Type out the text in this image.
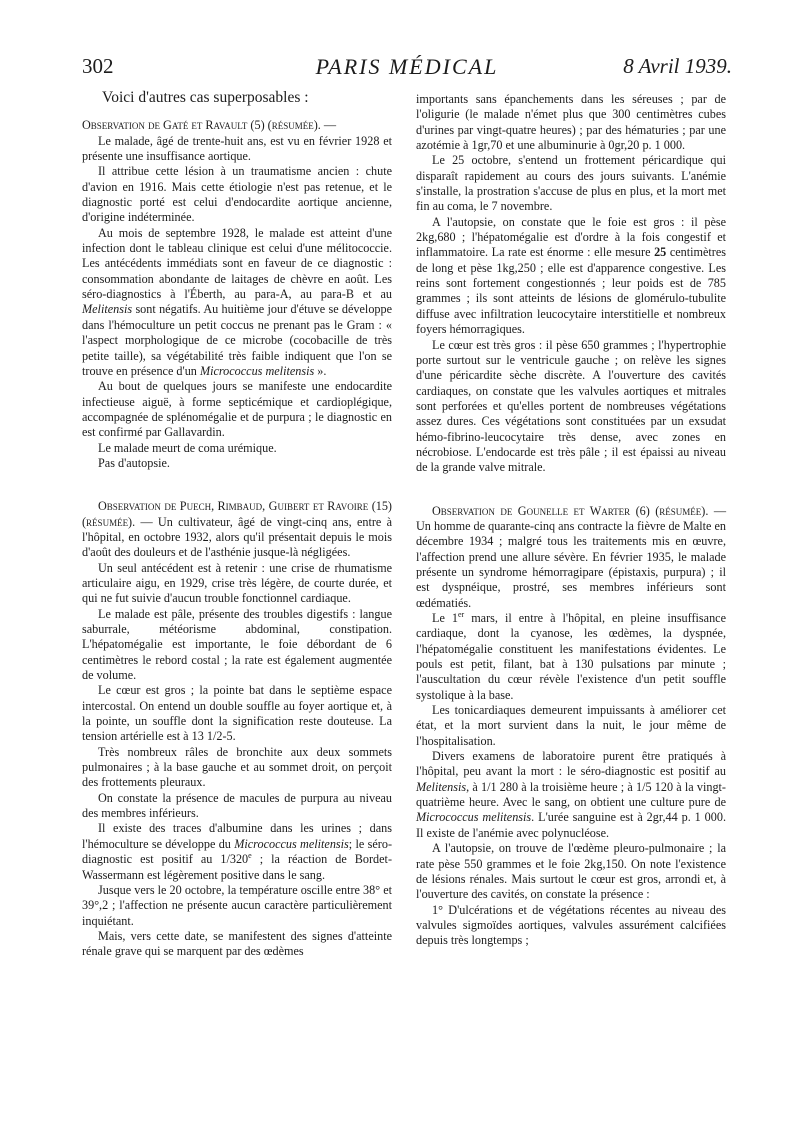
302	PARIS MÉDICAL	8 Avril 1939.

Voici d'autres cas superposables :

Observation de Gaté et Ravault (5) (résumée). —

Le malade, âgé de trente-huit ans, est vu en février 1928 et présente une insuffisance aortique.

Il attribue cette lésion à un traumatisme ancien : chute d'avion en 1916. Mais cette étiologie n'est pas retenue, et le diagnostic porté est celui d'endocardite aortique ancienne, d'origine indéterminée.

Au mois de septembre 1928, le malade est atteint d'une infection dont le tableau clinique est celui d'une mélitococcie. Les antécédents immédiats sont en faveur de ce diagnostic : consommation abondante de laitages de chèvre en août. Les séro-diagnostics à l'Éberth, au para-A, au para-B et au Melitensis sont négatifs. Au huitième jour d'étuve se développe dans l'hémoculture un petit coccus ne prenant pas le Gram : « l'aspect morphologique de ce microbe (cocobacille de très petite taille), sa végétabilité très faible indiquent que l'on se trouve en présence d'un Micrococcus melitensis ».

Au bout de quelques jours se manifeste une endocardite infectieuse aiguë, à forme septicémique et cardioplégique, accompagnée de splénomégalie et de purpura ; le diagnostic en est confirmé par Gallavardin.

Le malade meurt de coma urémique.

Pas d'autopsie.

Observation de Puech, Rimbaud, Guibert et Ravoire (15) (résumée). — Un cultivateur, âgé de vingt-cinq ans, entre à l'hôpital, en octobre 1932, alors qu'il présentait depuis le mois d'août des douleurs et de l'asthénie jusque-là négligées.

Un seul antécédent est à retenir : une crise de rhumatisme articulaire aigu, en 1929, crise très légère, de courte durée, et qui ne fut suivie d'aucun trouble fonctionnel cardiaque.

Le malade est pâle, présente des troubles digestifs : langue saburrale, météorisme abdominal, constipation. L'hépatomégalie est importante, le foie débordant de 6 centimètres le rebord costal ; la rate est également augmentée de volume.

Le cœur est gros ; la pointe bat dans le septième espace intercostal. On entend un double souffle au foyer aortique et, à la pointe, un souffle dont la signification reste douteuse. La tension artérielle est à 13 1/2-5.

Très nombreux râles de bronchite aux deux sommets pulmonaires ; à la base gauche et au sommet droit, on perçoit des frottements pleuraux.

On constate la présence de macules de purpura au niveau des membres inférieurs.

Il existe des traces d'albumine dans les urines ; dans l'hémoculture se développe du Micrococcus melitensis; le séro-diagnostic est positif au 1/320e ; la réaction de Bordet-Wassermann est légèrement positive dans le sang.

Jusque vers le 20 octobre, la température oscille entre 38° et 39°,2 ; l'affection ne présente aucun caractère particulièrement inquiétant.

Mais, vers cette date, se manifestent des signes d'atteinte rénale grave qui se marquent par des œdèmes

importants sans épanchements dans les séreuses ; par de l'oligurie (le malade n'émet plus que 300 centimètres cubes d'urines par vingt-quatre heures) ; par des hématuries ; par une azotémie à 1gr,70 et une albuminurie à 0gr,20 p. 1 000.

Le 25 octobre, s'entend un frottement péricardique qui disparaît rapidement au cours des jours suivants. L'anémie s'installe, la prostration s'accuse de plus en plus, et la mort met fin au coma, le 7 novembre.

A l'autopsie, on constate que le foie est gros : il pèse 2kg,680 ; l'hépatomégalie est d'ordre à la fois congestif et inflammatoire. La rate est énorme : elle mesure 25 centimètres de long et pèse 1kg,250 ; elle est d'apparence congestive. Les reins sont fortement congestionnés ; leur poids est de 785 grammes ; ils sont atteints de lésions de glomérulo-tubulite diffuse avec infiltration leucocytaire interstitielle et nombreux foyers hémorragiques.

Le cœur est très gros : il pèse 650 grammes ; l'hypertrophie porte surtout sur le ventricule gauche ; on relève les signes d'une péricardite sèche discrète. A l'ouverture des cavités cardiaques, on constate que les valvules aortiques et mitrales sont perforées et qu'elles portent de nombreuses végétations assez dures. Ces végétations sont constituées par un exsudat hémo-fibrino-leucocytaire très dense, avec zones en nécrobiose. L'endocarde est très pâle ; il est épaissi au niveau de la grande valve mitrale.

Observation de Gounelle et Warter (6) (résumée). — Un homme de quarante-cinq ans contracte la fièvre de Malte en décembre 1934 ; malgré tous les traitements mis en œuvre, l'affection prend une allure sévère. En février 1935, le malade présente un syndrome hémorragipare (épistaxis, purpura) ; il est dyspnéique, prostré, ses membres inférieurs sont œdématiés.

Le 1er mars, il entre à l'hôpital, en pleine insuffisance cardiaque, dont la cyanose, les œdèmes, la dyspnée, l'hépatomégalie constituent les manifestations évidentes. Le pouls est petit, filant, bat à 130 pulsations par minute ; l'auscultation du cœur révèle l'existence d'un petit souffle systolique à la base.

Les tonicardiaques demeurent impuissants à améliorer cet état, et la mort survient dans la nuit, le jour même de l'hospitalisation.

Divers examens de laboratoire purent être pratiqués à l'hôpital, peu avant la mort : le séro-diagnostic est positif au Melitensis, à 1/1 280 à la troisième heure ; à 1/5 120 à la vingt-quatrième heure. Avec le sang, on obtient une culture pure de Micrococcus melitensis. L'urée sanguine est à 2gr,44 p. 1 000. Il existe de l'anémie avec polynucléose.

A l'autopsie, on trouve de l'œdème pleuro-pulmonaire ; la rate pèse 550 grammes et le foie 2kg,150. On note l'existence de lésions rénales. Mais surtout le cœur est gros, arrondi et, à l'ouverture des cavités, on constate la présence :

1° D'ulcérations et de végétations récentes au niveau des valvules sigmoïdes aortiques, valvules assurément calcifiées depuis très longtemps ;
